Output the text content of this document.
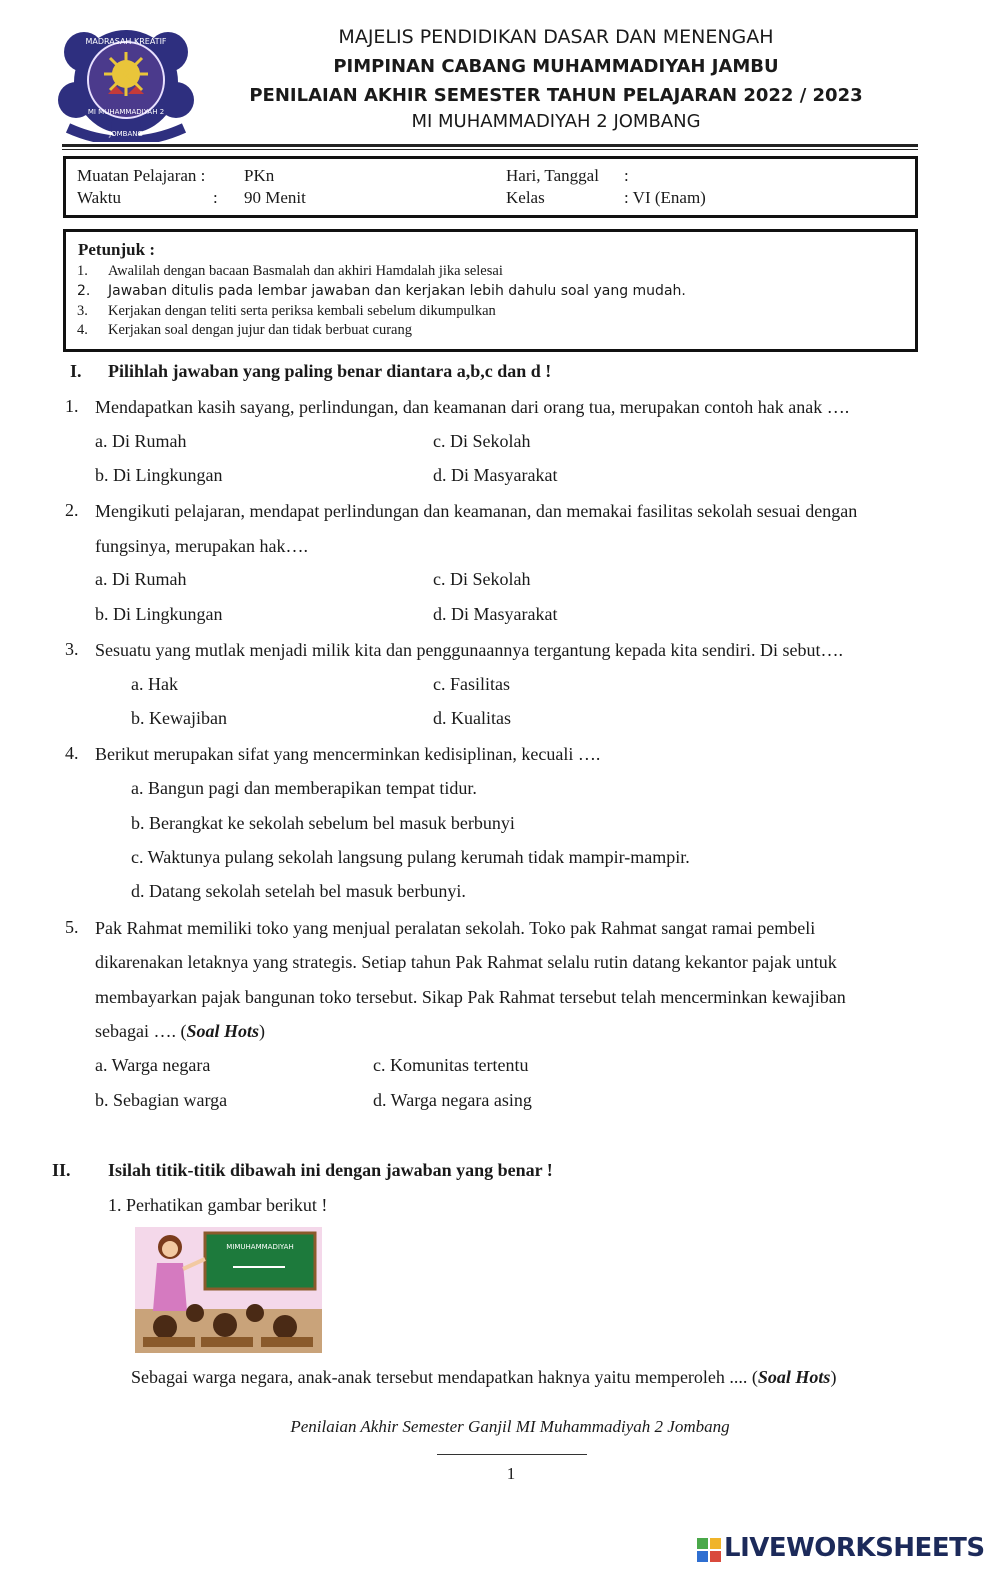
MADRASAH KREATIF
MI MUHAMMADIYAH 2
JOMBANG
MAJELIS PENDIDIKAN DASAR DAN MENENGAH
PIMPINAN CABANG MUHAMMADIYAH JAMBU
PENILAIAN AKHIR SEMESTER TAHUN PELAJARAN 2022 / 2023
MI MUHAMMADIYAH 2 JOMBANG
Muatan Pelajaran : PKn
Waktu	: 90 Menit
Hari, Tanggal :
Kelas	: VI (Enam)
Petunjuk :
1. Awalilah dengan bacaan Basmalah dan akhiri Hamdalah jika selesai
2. Jawaban ditulis pada lembar jawaban dan kerjakan lebih dahulu soal yang mudah.
3. Kerjakan dengan teliti serta periksa kembali sebelum dikumpulkan
4. Kerjakan soal dengan jujur dan tidak berbuat curang
I. Pilihlah jawaban yang paling benar diantara a,b,c dan d !
1. Mendapatkan kasih sayang, perlindungan, dan keamanan dari orang tua, merupakan contoh hak anak ….
a. Di Rumah
b. Di Lingkungan
c. Di Sekolah
d. Di Masyarakat
2. Mengikuti pelajaran, mendapat perlindungan dan keamanan, dan memakai fasilitas sekolah sesuai dengan
fungsinya, merupakan hak….
a. Di Rumah
b. Di Lingkungan
c. Di Sekolah
d. Di Masyarakat
3. Sesuatu yang mutlak menjadi milik kita dan penggunaannya tergantung kepada kita sendiri. Di sebut….
a. Hak
b. Kewajiban
c. Fasilitas
d. Kualitas
4. Berikut merupakan sifat yang mencerminkan kedisiplinan, kecuali ….
a. Bangun pagi dan memberapikan tempat tidur.
b. Berangkat ke sekolah sebelum bel masuk berbunyi
c. Waktunya pulang sekolah langsung pulang kerumah tidak mampir-mampir.
d. Datang sekolah setelah bel masuk berbunyi.
5. Pak Rahmat memiliki toko yang menjual peralatan sekolah. Toko pak Rahmat sangat ramai pembeli
dikarenakan letaknya yang strategis. Setiap tahun Pak Rahmat selalu rutin datang kekantor pajak untuk
membayarkan pajak bangunan toko tersebut. Sikap Pak Rahmat tersebut telah mencerminkan kewajiban
sebagai …. (Soal Hots)
a. Warga negara
b. Sebagian warga
c. Komunitas tertentu
d. Warga negara asing
II. Isilah titik-titik dibawah ini dengan jawaban yang benar !
1. Perhatikan gambar berikut !
MIMUHAMMADIYAH
Sebagai warga negara, anak-anak tersebut mendapatkan haknya yaitu memperoleh .... (Soal Hots)
Penilaian Akhir Semester Ganjil MI Muhammadiyah 2 Jombang
1
LIVEWORKSHEETS
